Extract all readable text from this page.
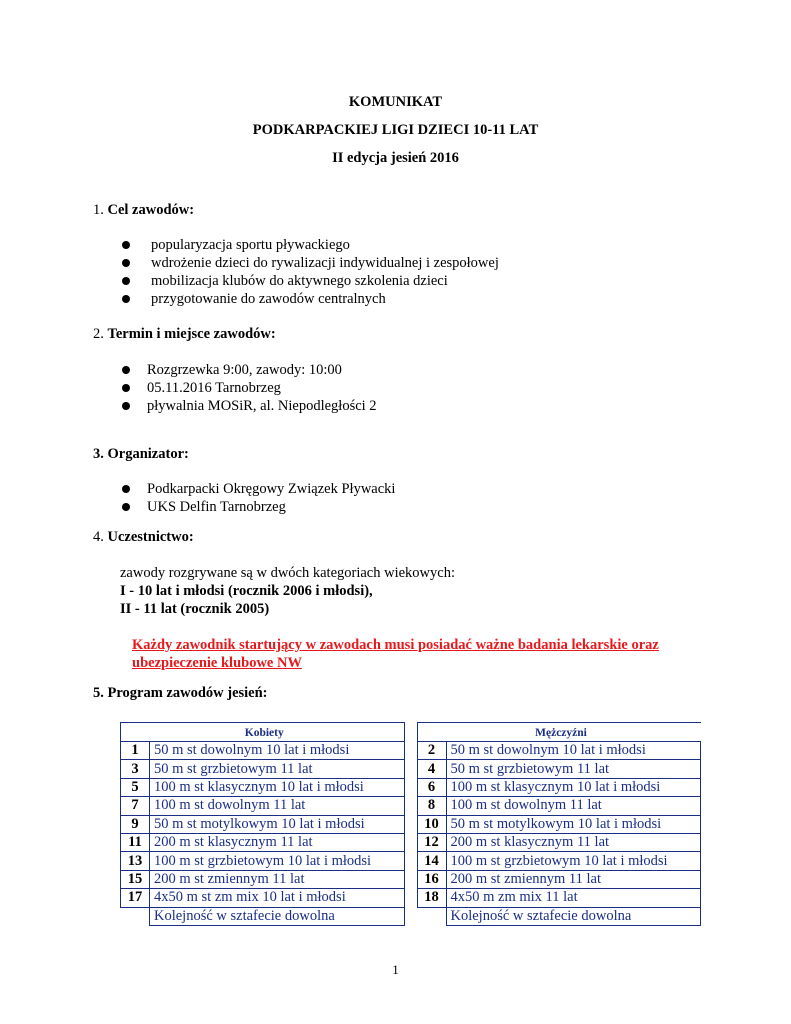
KOMUNIKAT
PODKARPACKIEJ LIGI DZIECI 10-11 LAT
II edycja jesień 2016
1. Cel zawodów:
popularyzacja sportu pływackiego
wdrożenie dzieci do rywalizacji indywidualnej i zespołowej
mobilizacja klubów do aktywnego szkolenia dzieci
przygotowanie do zawodów centralnych
2. Termin i miejsce zawodów:
Rozgrzewka 9:00, zawody: 10:00
05.11.2016 Tarnobrzeg
pływalnia MOSiR, al. Niepodległości 2
3. Organizator:
Podkarpacki Okręgowy Związek Pływacki
UKS Delfin Tarnobrzeg
4. Uczestnictwo:
zawody rozgrywane są w dwóch kategoriach wiekowych:
I - 10 lat i młodsi (rocznik 2006 i młodsi),
II - 11 lat (rocznik 2005)
Każdy zawodnik startujący w zawodach musi posiadać ważne badania lekarskie oraz
ubezpieczenie klubowe NW
5. Program zawodów jesień:
Kobiety			Mężczyźni	
1	50 m st dowolnym 10 lat i młodsi		2	50 m st dowolnym 10 lat i młodsi
3	50 m st grzbietowym 11 lat		4	50 m st grzbietowym 11 lat
5	100 m st klasycznym 10 lat i młodsi		6	100 m st klasycznym 10 lat i młodsi
7	100 m st dowolnym 11 lat		8	100 m st dowolnym 11 lat
9	50 m st motylkowym 10 lat i młodsi		10	50 m st motylkowym 10 lat i młodsi
11	200 m st klasycznym 11 lat		12	200 m st klasycznym 11 lat
13	100 m st grzbietowym 10 lat i młodsi		14	100 m st grzbietowym 10 lat i młodsi
15	200 m st zmiennym 11 lat		16	200 m st zmiennym 11 lat
17	4x50 m st zm mix 10 lat i młodsi		18	4x50 m zm mix 11 lat
	Kolejność w sztafecie dowolna			Kolejność w sztafecie dowolna
1
